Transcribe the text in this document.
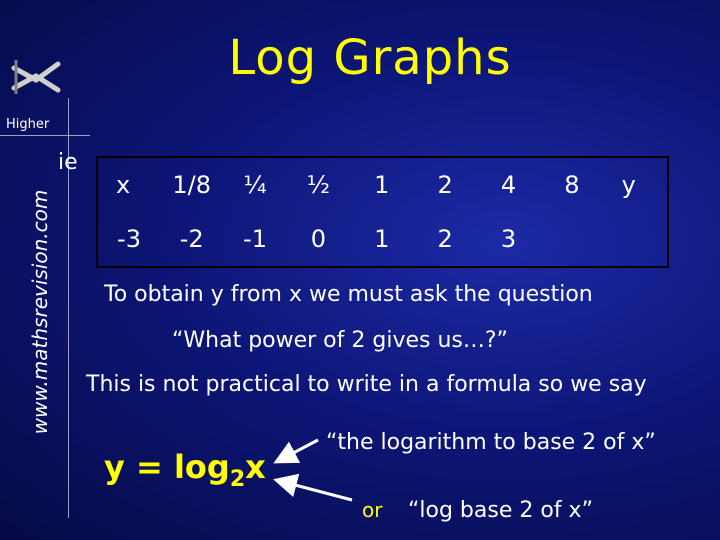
Log Graphs
Higher
www.mathsrevision.com
ie
x	1/8	¼	½	1	2	4	8	y
-3	-2	-1	0	1	2	3
To obtain y from x we must ask the question
“What power of 2 gives us…?”
This is not practical to write in a formula so we say
$y = \log_2x$
“the logarithm to base 2 of x”
or “log base 2 of x”
